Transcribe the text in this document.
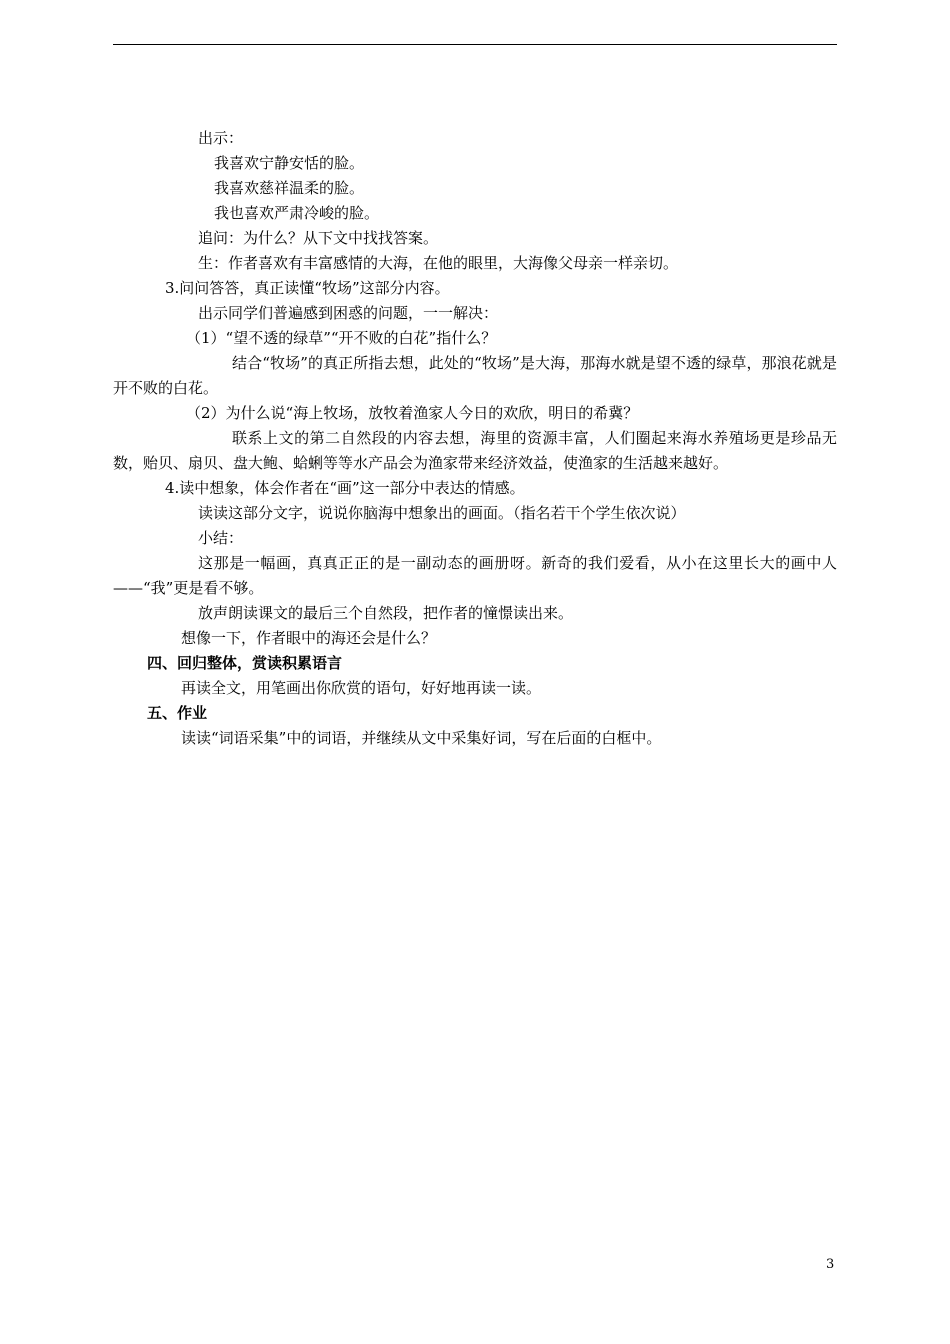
出示：
我喜欢宁静安恬的脸。
我喜欢慈祥温柔的脸。
我也喜欢严肃冷峻的脸。
追问：为什么？从下文中找找答案。
生：作者喜欢有丰富感情的大海，在他的眼里，大海像父母亲一样亲切。
3.问问答答，真正读懂“牧场”这部分内容。
出示同学们普遍感到困惑的问题，一一解决：
（1）“望不透的绿草”“开不败的白花”指什么？
结合“牧场”的真正所指去想，此处的“牧场”是大海，那海水就是望不透的绿草，那浪花就是开不败的白花。
（2）为什么说“海上牧场，放牧着渔家人今日的欢欣，明日的希冀？
联系上文的第二自然段的内容去想，海里的资源丰富，人们圈起来海水养殖场更是珍品无数，贻贝、扇贝、盘大鲍、蛤蜊等等水产品会为渔家带来经济效益，使渔家的生活越来越好。
4.读中想象，体会作者在“画”这一部分中表达的情感。
读读这部分文字，说说你脑海中想象出的画面。（指名若干个学生依次说）
小结：
这那是一幅画，真真正正的是一副动态的画册呀。新奇的我们爱看，从小在这里长大的画中人——“我”更是看不够。
放声朗读课文的最后三个自然段，把作者的憧憬读出来。
想像一下，作者眼中的海还会是什么？
四、回归整体，赏读积累语言
再读全文，用笔画出你欣赏的语句，好好地再读一读。
五、作业
读读“词语采集”中的词语，并继续从文中采集好词，写在后面的白框中。
3
